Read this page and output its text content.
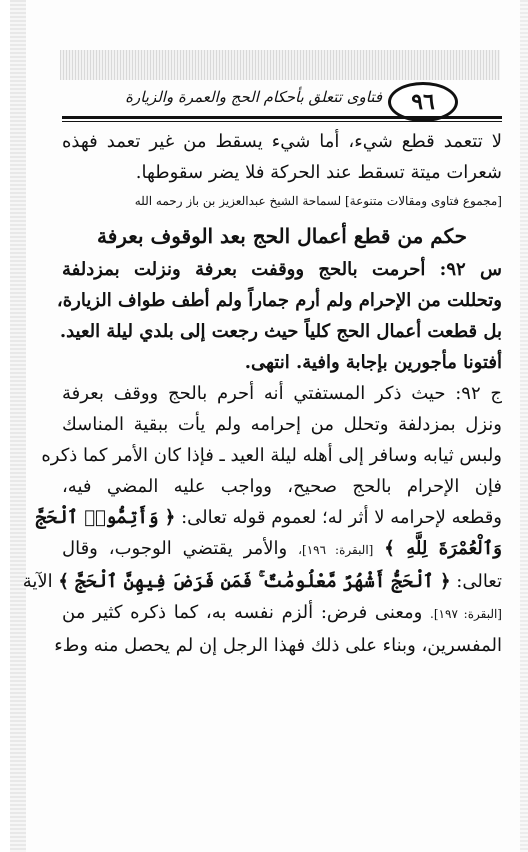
٩٦
فتاوى تتعلق بأحكام الحج والعمرة والزيارة
لا تتعمد قطع شيء، أما شيء يسقط من غير تعمد فهذه
شعرات ميتة تسقط عند الحركة فلا يضر سقوطها.
[مجموع فتاوى ومقالات متنوعة] لسماحة الشيخ عبدالعزيز بن باز رحمه الله
حكم من قطع أعمال الحج بعد الوقوف بعرفة
س ٩٢: أحرمت بالحج ووقفت بعرفة ونزلت بمزدلفة
وتحللت من الإحرام ولم أرم جماراً ولم أطف طواف الزيارة،
بل قطعت أعمال الحج كلياً حيث رجعت إلى بلدي ليلة العيد.
أفتونا مأجورين بإجابة وافية. انتهى.
ج ٩٢: حيث ذكر المستفتي أنه أحرم بالحج ووقف بعرفة
ونزل بمزدلفة وتحلل من إحرامه ولم يأت ببقية المناسك
ولبس ثيابه وسافر إلى أهله ليلة العيد ـ فإذا كان الأمر كما ذكره
فإن الإحرام بالحج صحيح، وواجب عليه المضي فيه،
وقطعه لإحرامه لا أثر له؛ لعموم قوله تعالى: ﴿ وَأَتِمُّوا۟ ٱلْحَجَّ
وَٱلْعُمْرَةَ لِلَّهِ ﴾ [البقرة: ١٩٦]، والأمر يقتضي الوجوب، وقال
تعالى: ﴿ ٱلْحَجُّ أَشْهُرٌ مَّعْلُومَٰتٌ ۚ فَمَن فَرَضَ فِيهِنَّ ٱلْحَجَّ ﴾ الآية
[البقرة: ١٩٧]. ومعنى فرض: ألزم نفسه به، كما ذكره كثير من
المفسرين، وبناء على ذلك فهذا الرجل إن لم يحصل منه وطء
